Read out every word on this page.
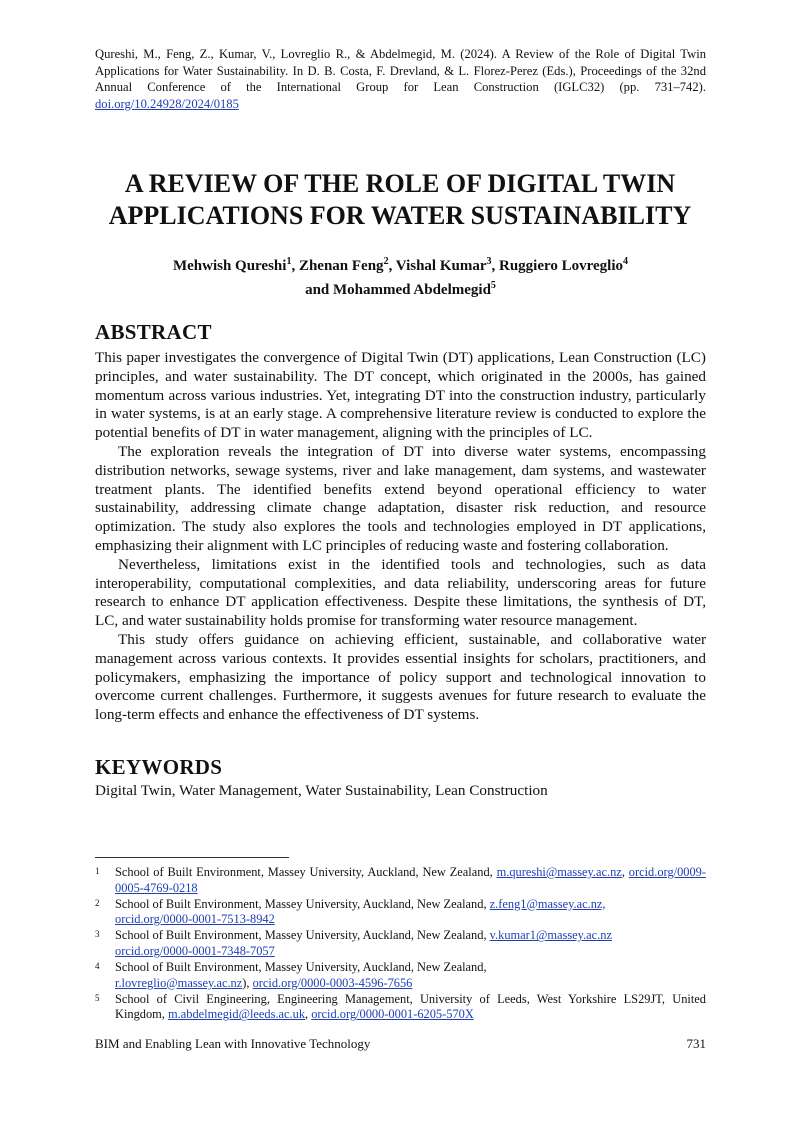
Qureshi, M., Feng, Z., Kumar, V., Lovreglio R., & Abdelmegid, M. (2024). A Review of the Role of Digital Twin Applications for Water Sustainability. In D. B. Costa, F. Drevland, & L. Florez-Perez (Eds.), Proceedings of the 32nd Annual Conference of the International Group for Lean Construction (IGLC32) (pp. 731–742). doi.org/10.24928/2024/0185
A REVIEW OF THE ROLE OF DIGITAL TWIN
APPLICATIONS FOR WATER SUSTAINABILITY
Mehwish Qureshi$^1$, Zhenan Feng$^2$, Vishal Kumar$^3$, Ruggiero Lovreglio$^4$
and Mohammed Abdelmegid$^5$
ABSTRACT

This paper investigates the convergence of Digital Twin (DT) applications, Lean Construction (LC) principles, and water sustainability. The DT concept, which originated in the 2000s, has gained momentum across various industries. Yet, integrating DT into the construction industry, particularly in water systems, is at an early stage. A comprehensive literature review is conducted to explore the potential benefits of DT in water management, aligning with the principles of LC.

The exploration reveals the integration of DT into diverse water systems, encompassing distribution networks, sewage systems, river and lake management, dam systems, and wastewater treatment plants. The identified benefits extend beyond operational efficiency to water sustainability, addressing climate change adaptation, disaster risk reduction, and resource optimization. The study also explores the tools and technologies employed in DT applications, emphasizing their alignment with LC principles of reducing waste and fostering collaboration.

Nevertheless, limitations exist in the identified tools and technologies, such as data interoperability, computational complexities, and data reliability, underscoring areas for future research to enhance DT application effectiveness. Despite these limitations, the synthesis of DT, LC, and water sustainability holds promise for transforming water resource management.

This study offers guidance on achieving efficient, sustainable, and collaborative water management across various contexts. It provides essential insights for scholars, practitioners, and policymakers, emphasizing the importance of policy support and technological innovation to overcome current challenges. Furthermore, it suggests avenues for future research to evaluate the long-term effects and enhance the effectiveness of DT systems.

KEYWORDS
Digital Twin, Water Management, Water Sustainability, Lean Construction
1	School of Built Environment, Massey University, Auckland, New Zealand, m.qureshi@massey.ac.nz, orcid.org/0009-0005-4769-0218
2	School of Built Environment, Massey University, Auckland, New Zealand, z.feng1@massey.ac.nz,
orcid.org/0000-0001-7513-8942
3	School of Built Environment, Massey University, Auckland, New Zealand, v.kumar1@massey.ac.nz
orcid.org/0000-0001-7348-7057
4	School of Built Environment, Massey University, Auckland, New Zealand,
r.lovreglio@massey.ac.nz), orcid.org/0000-0003-4596-7656
5	School of Civil Engineering, Engineering Management, University of Leeds, West Yorkshire LS29JT, United Kingdom, m.abdelmegid@leeds.ac.uk, orcid.org/0000-0001-6205-570X
BIM and Enabling Lean with Innovative Technology	731
